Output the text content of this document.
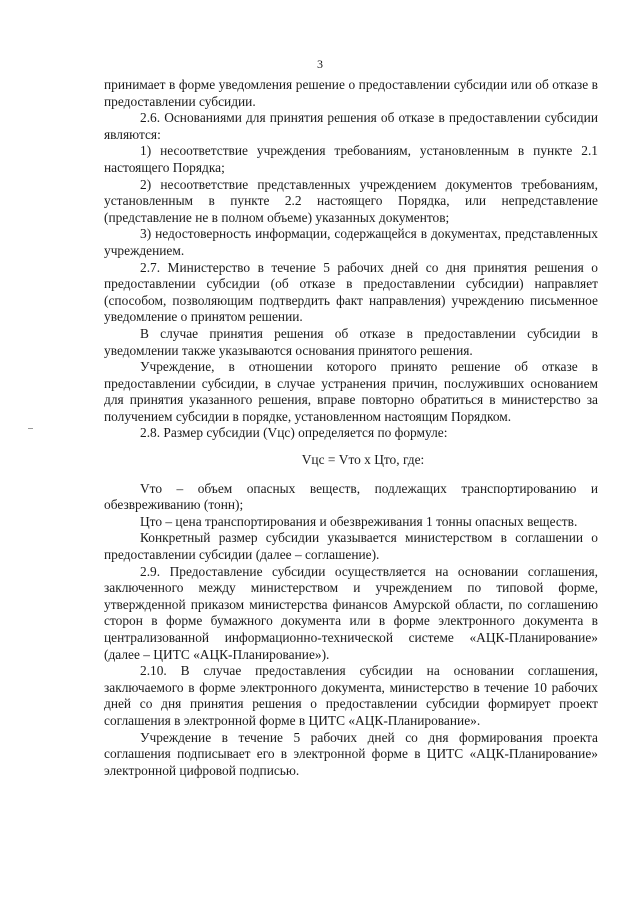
3

принимает в форме уведомления решение о предоставлении субсидии или об отказе в предоставлении субсидии.

2.6. Основаниями для принятия решения об отказе в предоставлении субсидии являются:

1) несоответствие учреждения требованиям, установленным в пункте 2.1 настоящего Порядка;

2) несоответствие представленных учреждением документов требованиям, установленным в пункте 2.2 настоящего Порядка, или непредставление (представление не в полном объеме) указанных документов;

3) недостоверность информации, содержащейся в документах, представленных учреждением.

2.7. Министерство в течение 5 рабочих дней со дня принятия решения о предоставлении субсидии (об отказе в предоставлении субсидии) направляет (способом, позволяющим подтвердить факт направления) учреждению письменное уведомление о принятом решении.

В случае принятия решения об отказе в предоставлении субсидии в уведомлении также указываются основания принятого решения.

Учреждение, в отношении которого принято решение об отказе в предоставлении субсидии, в случае устранения причин, послуживших основанием для принятия указанного решения, вправе повторно обратиться в министерство за получением субсидии в порядке, установленном настоящим Порядком.

2.8. Размер субсидии (Vцс) определяется по формуле:

Vцс = Vто x Цто, где:

Vто – объем опасных веществ, подлежащих транспортированию и обезвреживанию (тонн);

Цто – цена транспортирования и обезвреживания 1 тонны опасных веществ.

Конкретный размер субсидии указывается министерством в соглашении о предоставлении субсидии (далее – соглашение).

2.9. Предоставление субсидии осуществляется на основании соглашения, заключенного между министерством и учреждением по типовой форме, утвержденной приказом министерства финансов Амурской области, по соглашению сторон в форме бумажного документа или в форме электронного документа в централизованной информационно-технической системе «АЦК-Планирование» (далее – ЦИТС «АЦК-Планирование»).

2.10. В случае предоставления субсидии на основании соглашения, заключаемого в форме электронного документа, министерство в течение 10 рабочих дней со дня принятия решения о предоставлении субсидии формирует проект соглашения в электронной форме в ЦИТС «АЦК-Планирование».

Учреждение в течение 5 рабочих дней со дня формирования проекта соглашения подписывает его в электронной форме в ЦИТС «АЦК-Планирование» электронной цифровой подписью.
